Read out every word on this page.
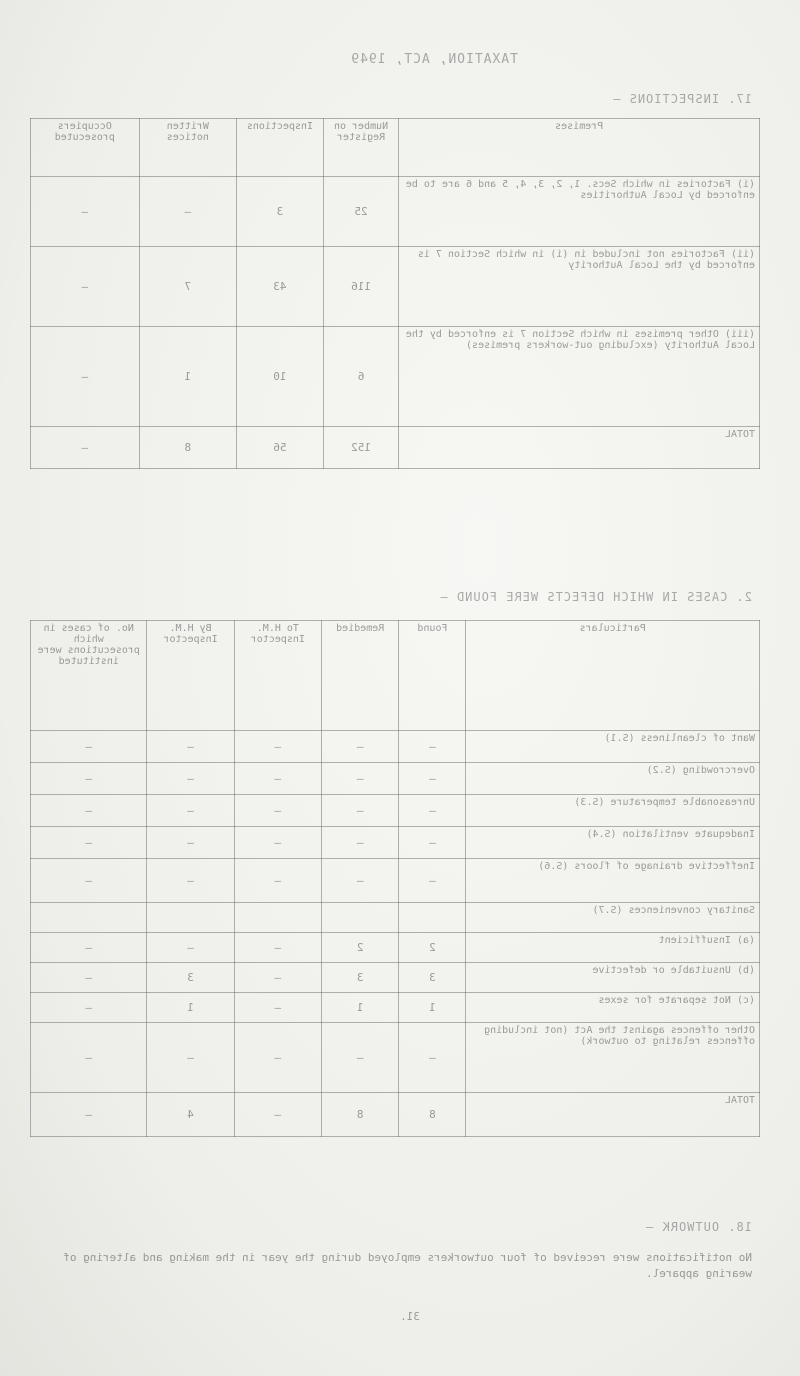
TAXATION, ACT, 1949
17. INSPECTIONS —
Premises	Number on Register	Inspections	Written notices	Occupiers prosecuted
(i) Factories in which Secs. 1, 2, 3, 4, 5 and 6 are to be enforced by Local Authorities	25	3	—	—
(ii) Factories not included in (i) in which Section 7 is enforced by the Local Authority	116	43	7	—
(iii) Other premises in which Section 7 is enforced by the Local Authority (excluding out-workers premises)	6	10	1	—
TOTAL	152	56	8	—
2. CASES IN WHICH DEFECTS WERE FOUND —
Particulars	Found	Remedied	To H.M. Inspector	By H.M. Inspector	No. of cases in which prosecutions were instituted
Want of cleanliness (S.1)	—	—	—	—	—
Overcrowding (S.2)	—	—	—	—	—
Unreasonable temperature (S.3)	—	—	—	—	—
Inadequate ventilation (S.4)	—	—	—	—	—
Ineffective drainage of floors (S.6)	—	—	—	—	—
Sanitary conveniences (S.7)					
(a) Insufficient	2	2	—	—	—
(b) Unsuitable or defective	3	3	—	3	—
(c) Not separate for sexes	1	1	—	1	—
Other offences against the Act (not including offences relating to outwork)	—	—	—	—	—
TOTAL	8	8	—	4	—
18. OUTWORK —
No notifications were received of four outworkers employed during the year in the making and altering of wearing apparel.
31.
